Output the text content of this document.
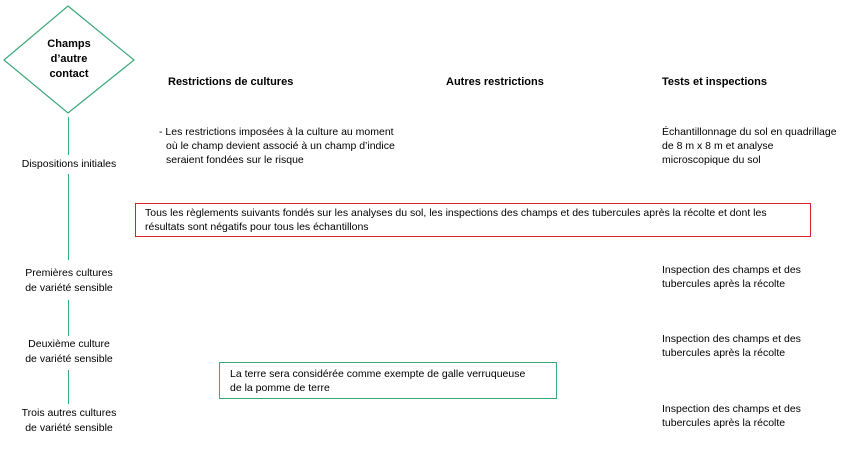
Champs
d’autre
contact
Restrictions de cultures	Autres restrictions	Tests et inspections
Dispositions initiales
- Les restrictions imposées à la culture au moment
où le champ devient associé à un champ d’indice
seraient fondées sur le risque
Échantillonnage du sol en quadrillage
de 8 m x 8 m et analyse
microscopique du sol
Tous les règlements suivants fondés sur les analyses du sol, les inspections des champs et des tubercules après la récolte et dont les
résultats sont négatifs pour tous les échantillons
Premières cultures
de variété sensible
Inspection des champs et des
tubercules après la récolte
Deuxième culture
de variété sensible
Inspection des champs et des
tubercules après la récolte
La terre sera considérée comme exempte de galle verruqueuse
de la pomme de terre
Trois autres cultures
de variété sensible
Inspection des champs et des
tubercules après la récolte
